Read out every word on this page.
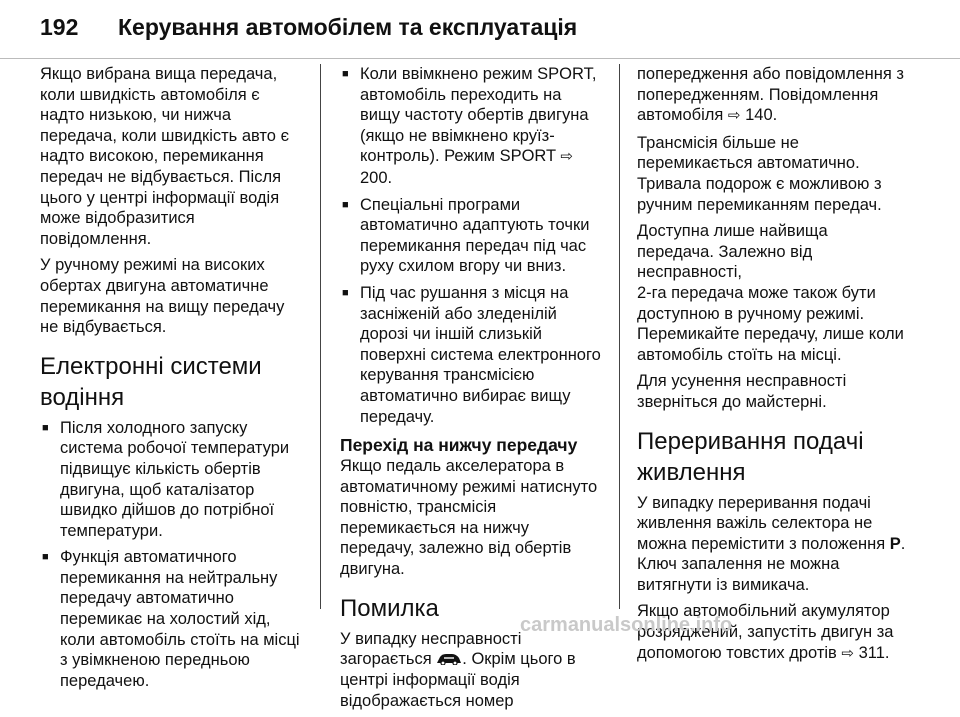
192 Керування автомобілем та експлуатація

Якщо вибрана вища передача, коли швидкість автомобіля є надто низькою, чи нижча передача, коли швидкість авто є надто високою, перемикання передач не відбувається. Після цього у центрі інформації водія може відобразитися повідомлення.

У ручному режимі на високих обертах двигуна автоматичне перемикання на вищу передачу не відбувається.

Електронні системи водіння
■ Після холодного запуску система робочої температури підвищує кількість обертів двигуна, щоб каталізатор швидко дійшов до потрібної температури.
■ Функція автоматичного перемикання на нейтральну передачу автоматично перемикає на холостий хід, коли автомобіль стоїть на місці з увімкненою передньою передачею.
■ Коли ввімкнено режим SPORT, автомобіль переходить на вищу частоту обертів двигуна (якщо не ввімкнено круїз-контроль). Режим SPORT ⇨ 200.
■ Спеціальні програми автоматично адаптують точки перемикання передач під час руху схилом вгору чи вниз.
■ Під час рушання з місця на засніженій або зледенілій дорозі чи іншій слизькій поверхні система електронного керування трансмісією автоматично вибирає вищу передачу.
Перехід на нижчу передачу

Якщо педаль акселератора в автоматичному режимі натиснуто повністю, трансмісія перемикається на нижчу передачу, залежно від обертів двигуна.

Помилка

У випадку несправності загорається . Окрім цього в центрі інформації водія відображається номер

попередження або повідомлення з попередженням. Повідомлення автомобіля ⇨ 140.

Трансмісія більше не перемикається автоматично. Тривала подорож є можливою з ручним перемиканням передач.

Доступна лише найвища передача. Залежно від несправності,
2-га передача може також бути доступною в ручному режимі. Перемикайте передачу, лише коли автомобіль стоїть на місці.

Для усунення несправності зверніться до майстерні.

Переривання подачі живлення

У випадку переривання подачі живлення важіль селектора не можна перемістити з положення P. Ключ запалення не можна витягнути із вимикача.

Якщо автомобільний акумулятор розряджений, запустіть двигун за допомогою товстих дротів ⇨ 311.

carmanualsonline.info
